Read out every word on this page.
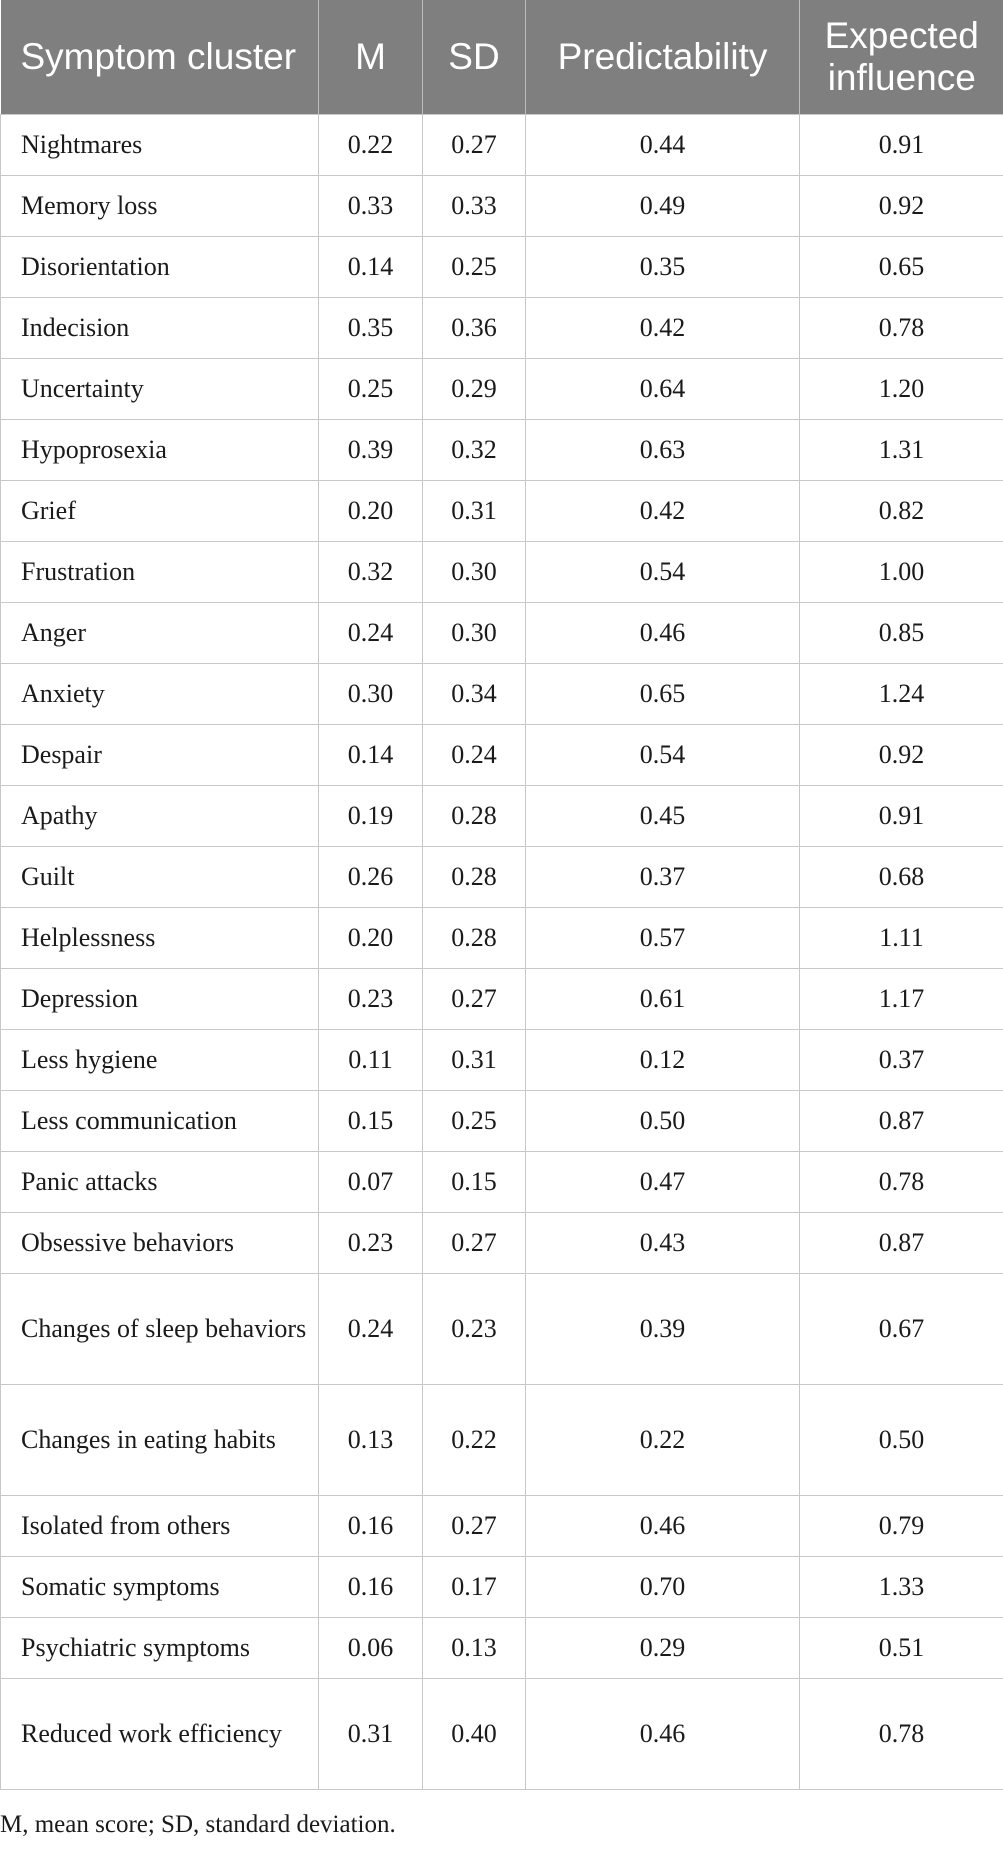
Symptom cluster	M	SD	Predictability	Expected influence
Nightmares	0.22	0.27	0.44	0.91
Memory loss	0.33	0.33	0.49	0.92
Disorientation	0.14	0.25	0.35	0.65
Indecision	0.35	0.36	0.42	0.78
Uncertainty	0.25	0.29	0.64	1.20
Hypoprosexia	0.39	0.32	0.63	1.31
Grief	0.20	0.31	0.42	0.82
Frustration	0.32	0.30	0.54	1.00
Anger	0.24	0.30	0.46	0.85
Anxiety	0.30	0.34	0.65	1.24
Despair	0.14	0.24	0.54	0.92
Apathy	0.19	0.28	0.45	0.91
Guilt	0.26	0.28	0.37	0.68
Helplessness	0.20	0.28	0.57	1.11
Depression	0.23	0.27	0.61	1.17
Less hygiene	0.11	0.31	0.12	0.37
Less communication	0.15	0.25	0.50	0.87
Panic attacks	0.07	0.15	0.47	0.78
Obsessive behaviors	0.23	0.27	0.43	0.87
Changes of sleep behaviors	0.24	0.23	0.39	0.67
Changes in eating habits	0.13	0.22	0.22	0.50
Isolated from others	0.16	0.27	0.46	0.79
Somatic symptoms	0.16	0.17	0.70	1.33
Psychiatric symptoms	0.06	0.13	0.29	0.51
Reduced work efficiency	0.31	0.40	0.46	0.78
M, mean score; SD, standard deviation.
